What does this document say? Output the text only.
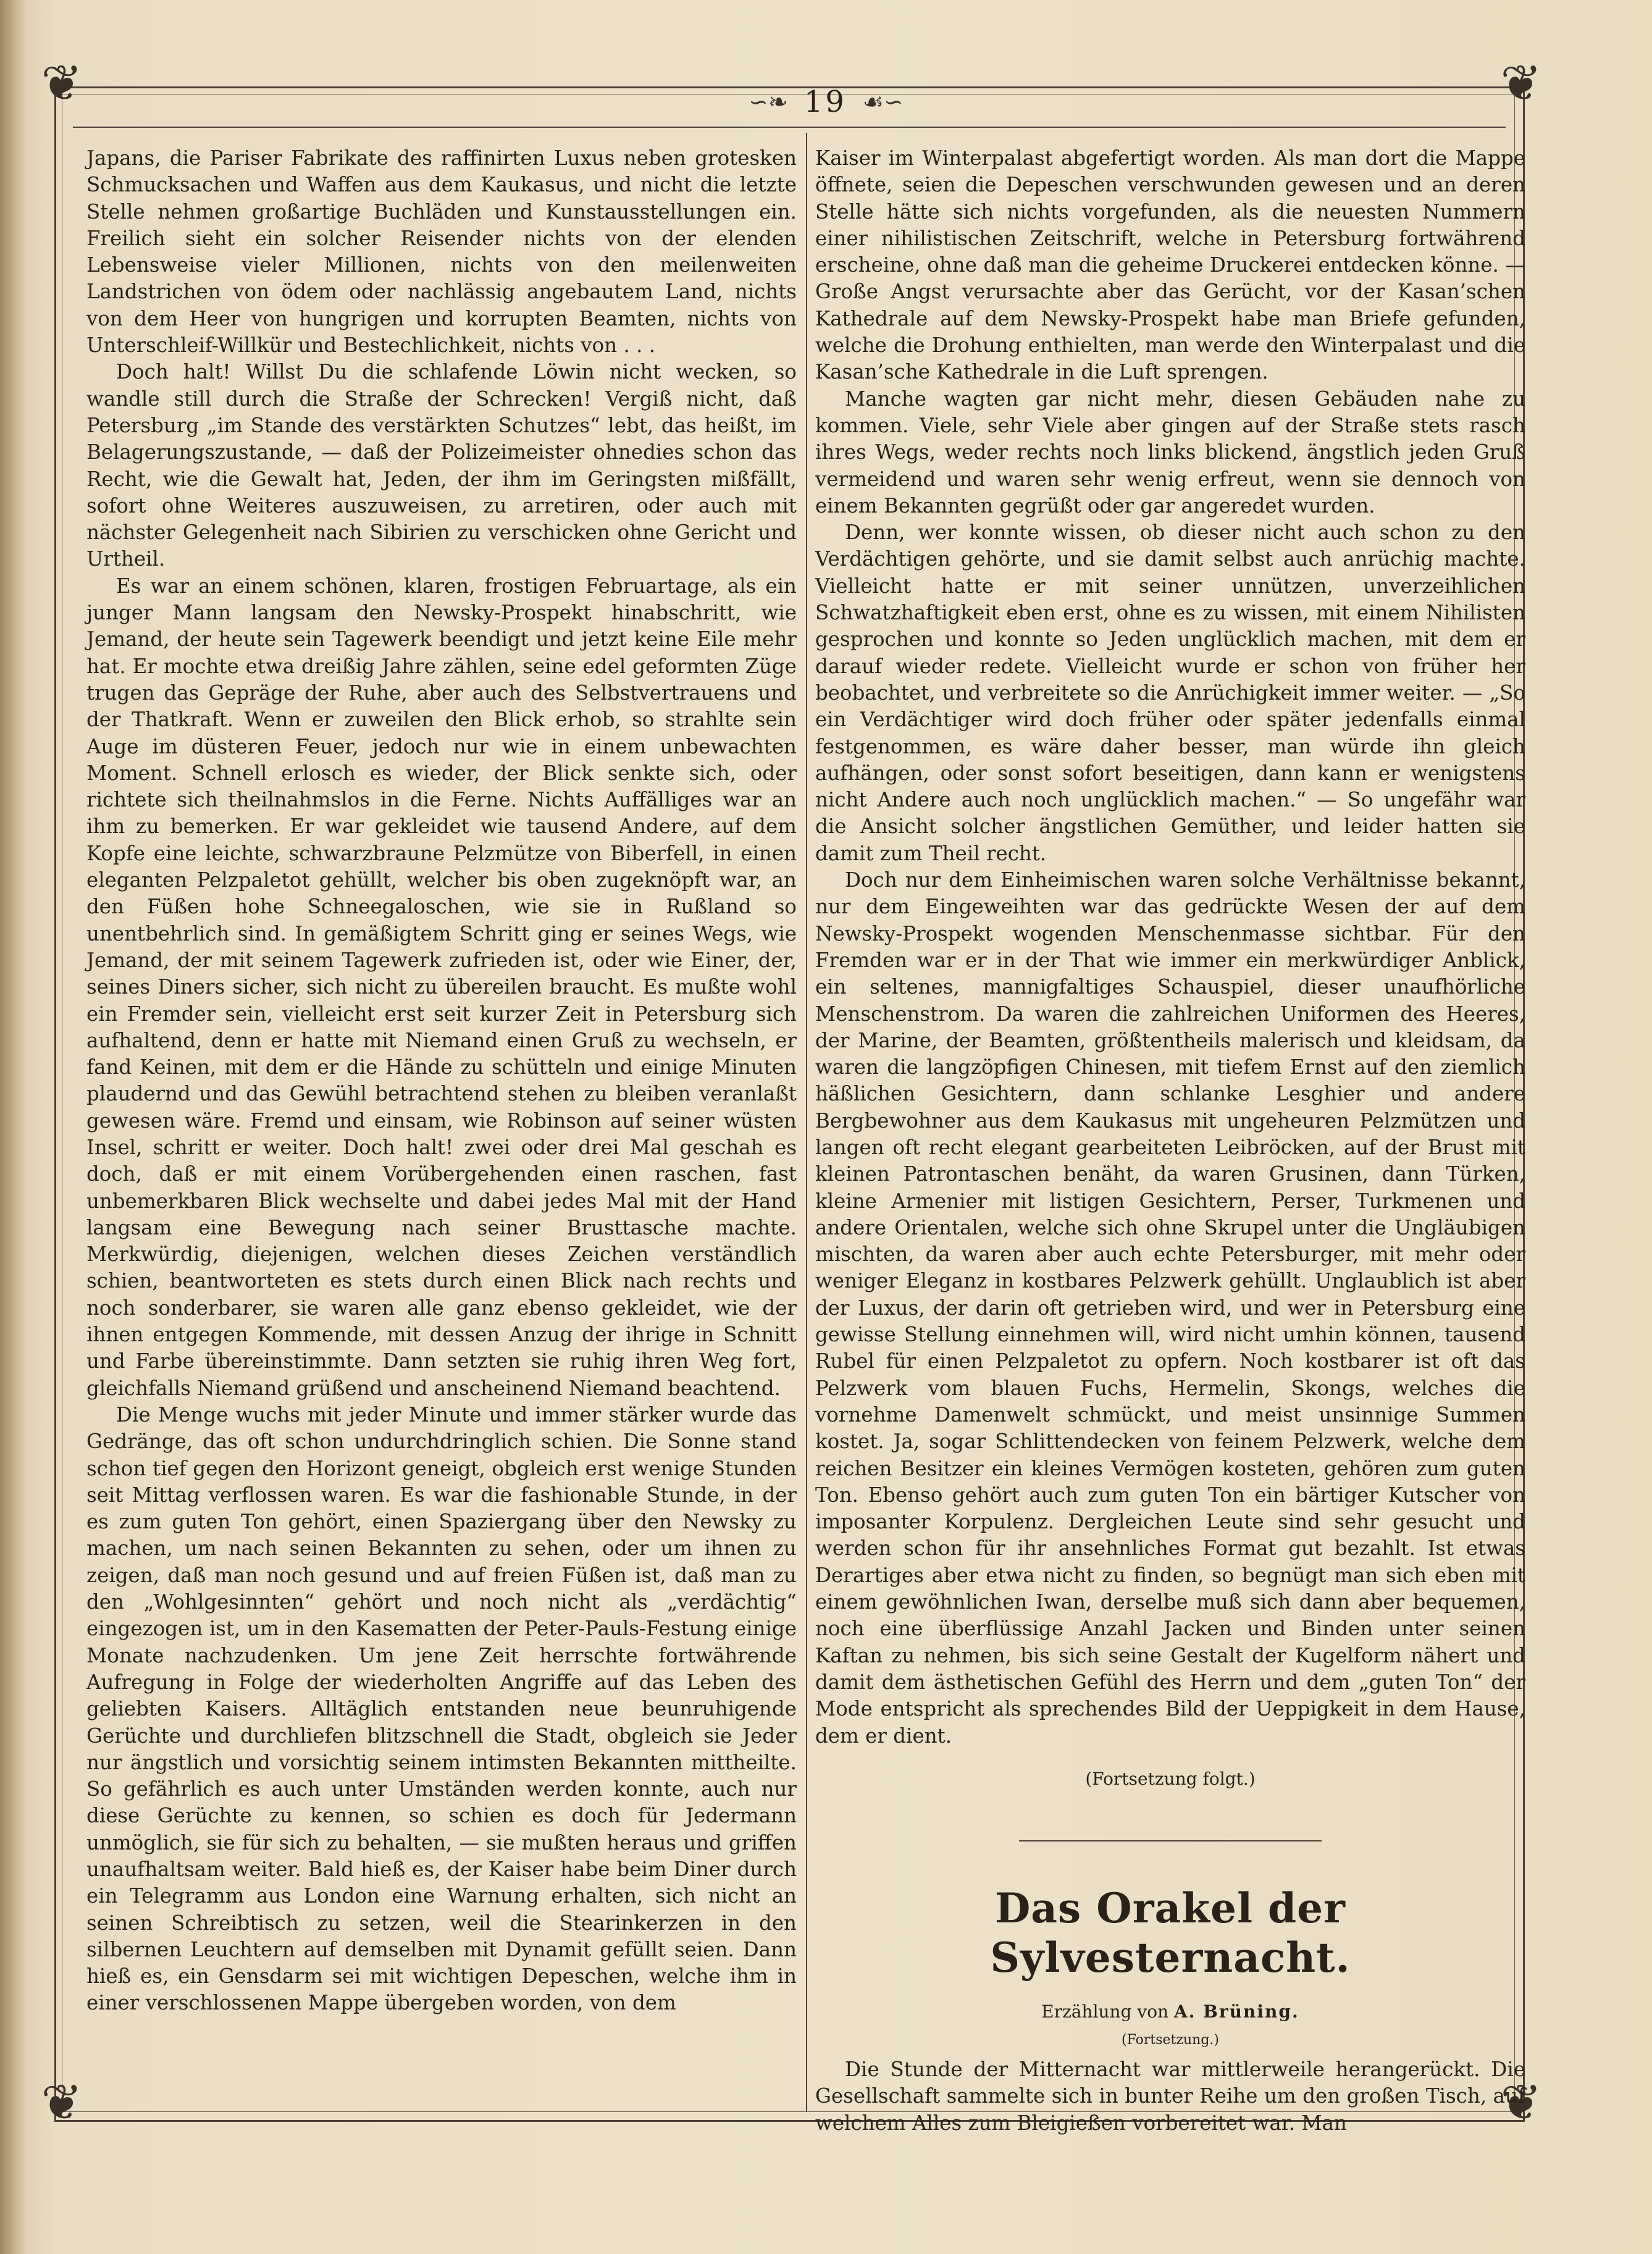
❦	❦
❦	❦
∽❧ 19 ☙∽

Japans, die Pariser Fabrikate des raffinirten Luxus neben grotesken Schmucksachen und Waffen aus dem Kaukasus, und nicht die letzte Stelle nehmen großartige Buchläden und Kunstausstellungen ein. Freilich sieht ein solcher Reisender nichts von der elenden Lebensweise vieler Millionen, nichts von den meilenweiten Landstrichen von ödem oder nachlässig angebautem Land, nichts von dem Heer von hungrigen und korrupten Beamten, nichts von Unterschleif-Willkür und Bestechlichkeit, nichts von . . .

Doch halt! Willst Du die schlafende Löwin nicht wecken, so wandle still durch die Straße der Schrecken! Vergiß nicht, daß Petersburg „im Stande des verstärkten Schutzes“ lebt, das heißt, im Belagerungszustande, — daß der Polizeimeister ohnedies schon das Recht, wie die Gewalt hat, Jeden, der ihm im Geringsten mißfällt, sofort ohne Weiteres auszuweisen, zu arretiren, oder auch mit nächster Gelegenheit nach Sibirien zu verschicken ohne Gericht und Urtheil.

Es war an einem schönen, klaren, frostigen Februartage, als ein junger Mann langsam den Newsky-Prospekt hinabschritt, wie Jemand, der heute sein Tagewerk beendigt und jetzt keine Eile mehr hat. Er mochte etwa dreißig Jahre zählen, seine edel geformten Züge trugen das Gepräge der Ruhe, aber auch des Selbstvertrauens und der Thatkraft. Wenn er zuweilen den Blick erhob, so strahlte sein Auge im düsteren Feuer, jedoch nur wie in einem unbewachten Moment. Schnell erlosch es wieder, der Blick senkte sich, oder richtete sich theilnahmslos in die Ferne. Nichts Auffälliges war an ihm zu bemerken. Er war gekleidet wie tausend Andere, auf dem Kopfe eine leichte, schwarzbraune Pelzmütze von Biberfell, in einen eleganten Pelzpaletot gehüllt, welcher bis oben zugeknöpft war, an den Füßen hohe Schneegaloschen, wie sie in Rußland so unentbehrlich sind. In gemäßigtem Schritt ging er seines Wegs, wie Jemand, der mit seinem Tagewerk zufrieden ist, oder wie Einer, der, seines Diners sicher, sich nicht zu übereilen braucht. Es mußte wohl ein Fremder sein, vielleicht erst seit kurzer Zeit in Petersburg sich aufhaltend, denn er hatte mit Niemand einen Gruß zu wechseln, er fand Keinen, mit dem er die Hände zu schütteln und einige Minuten plaudernd und das Gewühl betrachtend stehen zu bleiben veranlaßt gewesen wäre. Fremd und einsam, wie Robinson auf seiner wüsten Insel, schritt er weiter. Doch halt! zwei oder drei Mal geschah es doch, daß er mit einem Vorübergehenden einen raschen, fast unbemerkbaren Blick wechselte und dabei jedes Mal mit der Hand langsam eine Bewegung nach seiner Brusttasche machte. Merkwürdig, diejenigen, welchen dieses Zeichen verständlich schien, beantworteten es stets durch einen Blick nach rechts und noch sonderbarer, sie waren alle ganz ebenso gekleidet, wie der ihnen entgegen Kommende, mit dessen Anzug der ihrige in Schnitt und Farbe übereinstimmte. Dann setzten sie ruhig ihren Weg fort, gleichfalls Niemand grüßend und anscheinend Niemand beachtend.

Die Menge wuchs mit jeder Minute und immer stärker wurde das Gedränge, das oft schon undurchdringlich schien. Die Sonne stand schon tief gegen den Horizont geneigt, obgleich erst wenige Stunden seit Mittag verflossen waren. Es war die fashionable Stunde, in der es zum guten Ton gehört, einen Spaziergang über den Newsky zu machen, um nach seinen Bekannten zu sehen, oder um ihnen zu zeigen, daß man noch gesund und auf freien Füßen ist, daß man zu den „Wohlgesinnten“ gehört und noch nicht als „verdächtig“ eingezogen ist, um in den Kasematten der Peter-Pauls-Festung einige Monate nachzudenken. Um jene Zeit herrschte fortwährende Aufregung in Folge der wiederholten Angriffe auf das Leben des geliebten Kaisers. Alltäglich entstanden neue beunruhigende Gerüchte und durchliefen blitzschnell die Stadt, obgleich sie Jeder nur ängstlich und vorsichtig seinem intimsten Bekannten mittheilte. So gefährlich es auch unter Umständen werden konnte, auch nur diese Gerüchte zu kennen, so schien es doch für Jedermann unmöglich, sie für sich zu behalten, — sie mußten heraus und griffen unaufhaltsam weiter. Bald hieß es, der Kaiser habe beim Diner durch ein Telegramm aus London eine Warnung erhalten, sich nicht an seinen Schreibtisch zu setzen, weil die Stearinkerzen in den silbernen Leuchtern auf demselben mit Dynamit gefüllt seien. Dann hieß es, ein Gensdarm sei mit wichtigen Depeschen, welche ihm in einer verschlossenen Mappe übergeben worden, von dem

Kaiser im Winterpalast abgefertigt worden. Als man dort die Mappe öffnete, seien die Depeschen verschwunden gewesen und an deren Stelle hätte sich nichts vorgefunden, als die neuesten Nummern einer nihilistischen Zeitschrift, welche in Petersburg fortwährend erscheine, ohne daß man die geheime Druckerei entdecken könne. — Große Angst verursachte aber das Gerücht, vor der Kasan’schen Kathedrale auf dem Newsky-Prospekt habe man Briefe gefunden, welche die Drohung enthielten, man werde den Winterpalast und die Kasan’sche Kathedrale in die Luft sprengen.

Manche wagten gar nicht mehr, diesen Gebäuden nahe zu kommen. Viele, sehr Viele aber gingen auf der Straße stets rasch ihres Wegs, weder rechts noch links blickend, ängstlich jeden Gruß vermeidend und waren sehr wenig erfreut, wenn sie dennoch von einem Bekannten gegrüßt oder gar angeredet wurden.

Denn, wer konnte wissen, ob dieser nicht auch schon zu den Verdächtigen gehörte, und sie damit selbst auch anrüchig machte. Vielleicht hatte er mit seiner unnützen, unverzeihlichen Schwatzhaftigkeit eben erst, ohne es zu wissen, mit einem Nihilisten gesprochen und konnte so Jeden unglücklich machen, mit dem er darauf wieder redete. Vielleicht wurde er schon von früher her beobachtet, und verbreitete so die Anrüchigkeit immer weiter. — „So ein Verdächtiger wird doch früher oder später jedenfalls einmal festgenommen, es wäre daher besser, man würde ihn gleich aufhängen, oder sonst sofort beseitigen, dann kann er wenigstens nicht Andere auch noch unglücklich machen.“ — So ungefähr war die Ansicht solcher ängstlichen Gemüther, und leider hatten sie damit zum Theil recht.

Doch nur dem Einheimischen waren solche Verhältnisse bekannt, nur dem Eingeweihten war das gedrückte Wesen der auf dem Newsky-Prospekt wogenden Menschenmasse sichtbar. Für den Fremden war er in der That wie immer ein merkwürdiger Anblick, ein seltenes, mannigfaltiges Schauspiel, dieser unaufhörliche Menschenstrom. Da waren die zahlreichen Uniformen des Heeres, der Marine, der Beamten, größtentheils malerisch und kleidsam, da waren die langzöpfigen Chinesen, mit tiefem Ernst auf den ziemlich häßlichen Gesichtern, dann schlanke Lesghier und andere Bergbewohner aus dem Kaukasus mit ungeheuren Pelzmützen und langen oft recht elegant gearbeiteten Leibröcken, auf der Brust mit kleinen Patrontaschen benäht, da waren Grusinen, dann Türken, kleine Armenier mit listigen Gesichtern, Perser, Turkmenen und andere Orientalen, welche sich ohne Skrupel unter die Ungläubigen mischten, da waren aber auch echte Petersburger, mit mehr oder weniger Eleganz in kostbares Pelzwerk gehüllt. Unglaublich ist aber der Luxus, der darin oft getrieben wird, und wer in Petersburg eine gewisse Stellung einnehmen will, wird nicht umhin können, tausend Rubel für einen Pelzpaletot zu opfern. Noch kostbarer ist oft das Pelzwerk vom blauen Fuchs, Hermelin, Skongs, welches die vornehme Damenwelt schmückt, und meist unsinnige Summen kostet. Ja, sogar Schlittendecken von feinem Pelzwerk, welche dem reichen Besitzer ein kleines Vermögen kosteten, gehören zum guten Ton. Ebenso gehört auch zum guten Ton ein bärtiger Kutscher von imposanter Korpulenz. Dergleichen Leute sind sehr gesucht und werden schon für ihr ansehnliches Format gut bezahlt. Ist etwas Derartiges aber etwa nicht zu finden, so begnügt man sich eben mit einem gewöhnlichen Iwan, derselbe muß sich dann aber bequemen, noch eine überflüssige Anzahl Jacken und Binden unter seinen Kaftan zu nehmen, bis sich seine Gestalt der Kugelform nähert und damit dem ästhetischen Gefühl des Herrn und dem „guten Ton“ der Mode entspricht als sprechendes Bild der Ueppigkeit in dem Hause, dem er dient.

(Fortsetzung folgt.)

Das Orakel der Sylvesternacht.
Erzählung von A. Brüning.
(Fortsetzung.)

Die Stunde der Mitternacht war mittlerweile herangerückt. Die Gesellschaft sammelte sich in bunter Reihe um den großen Tisch, auf welchem Alles zum Bleigießen vorbereitet war. Man
